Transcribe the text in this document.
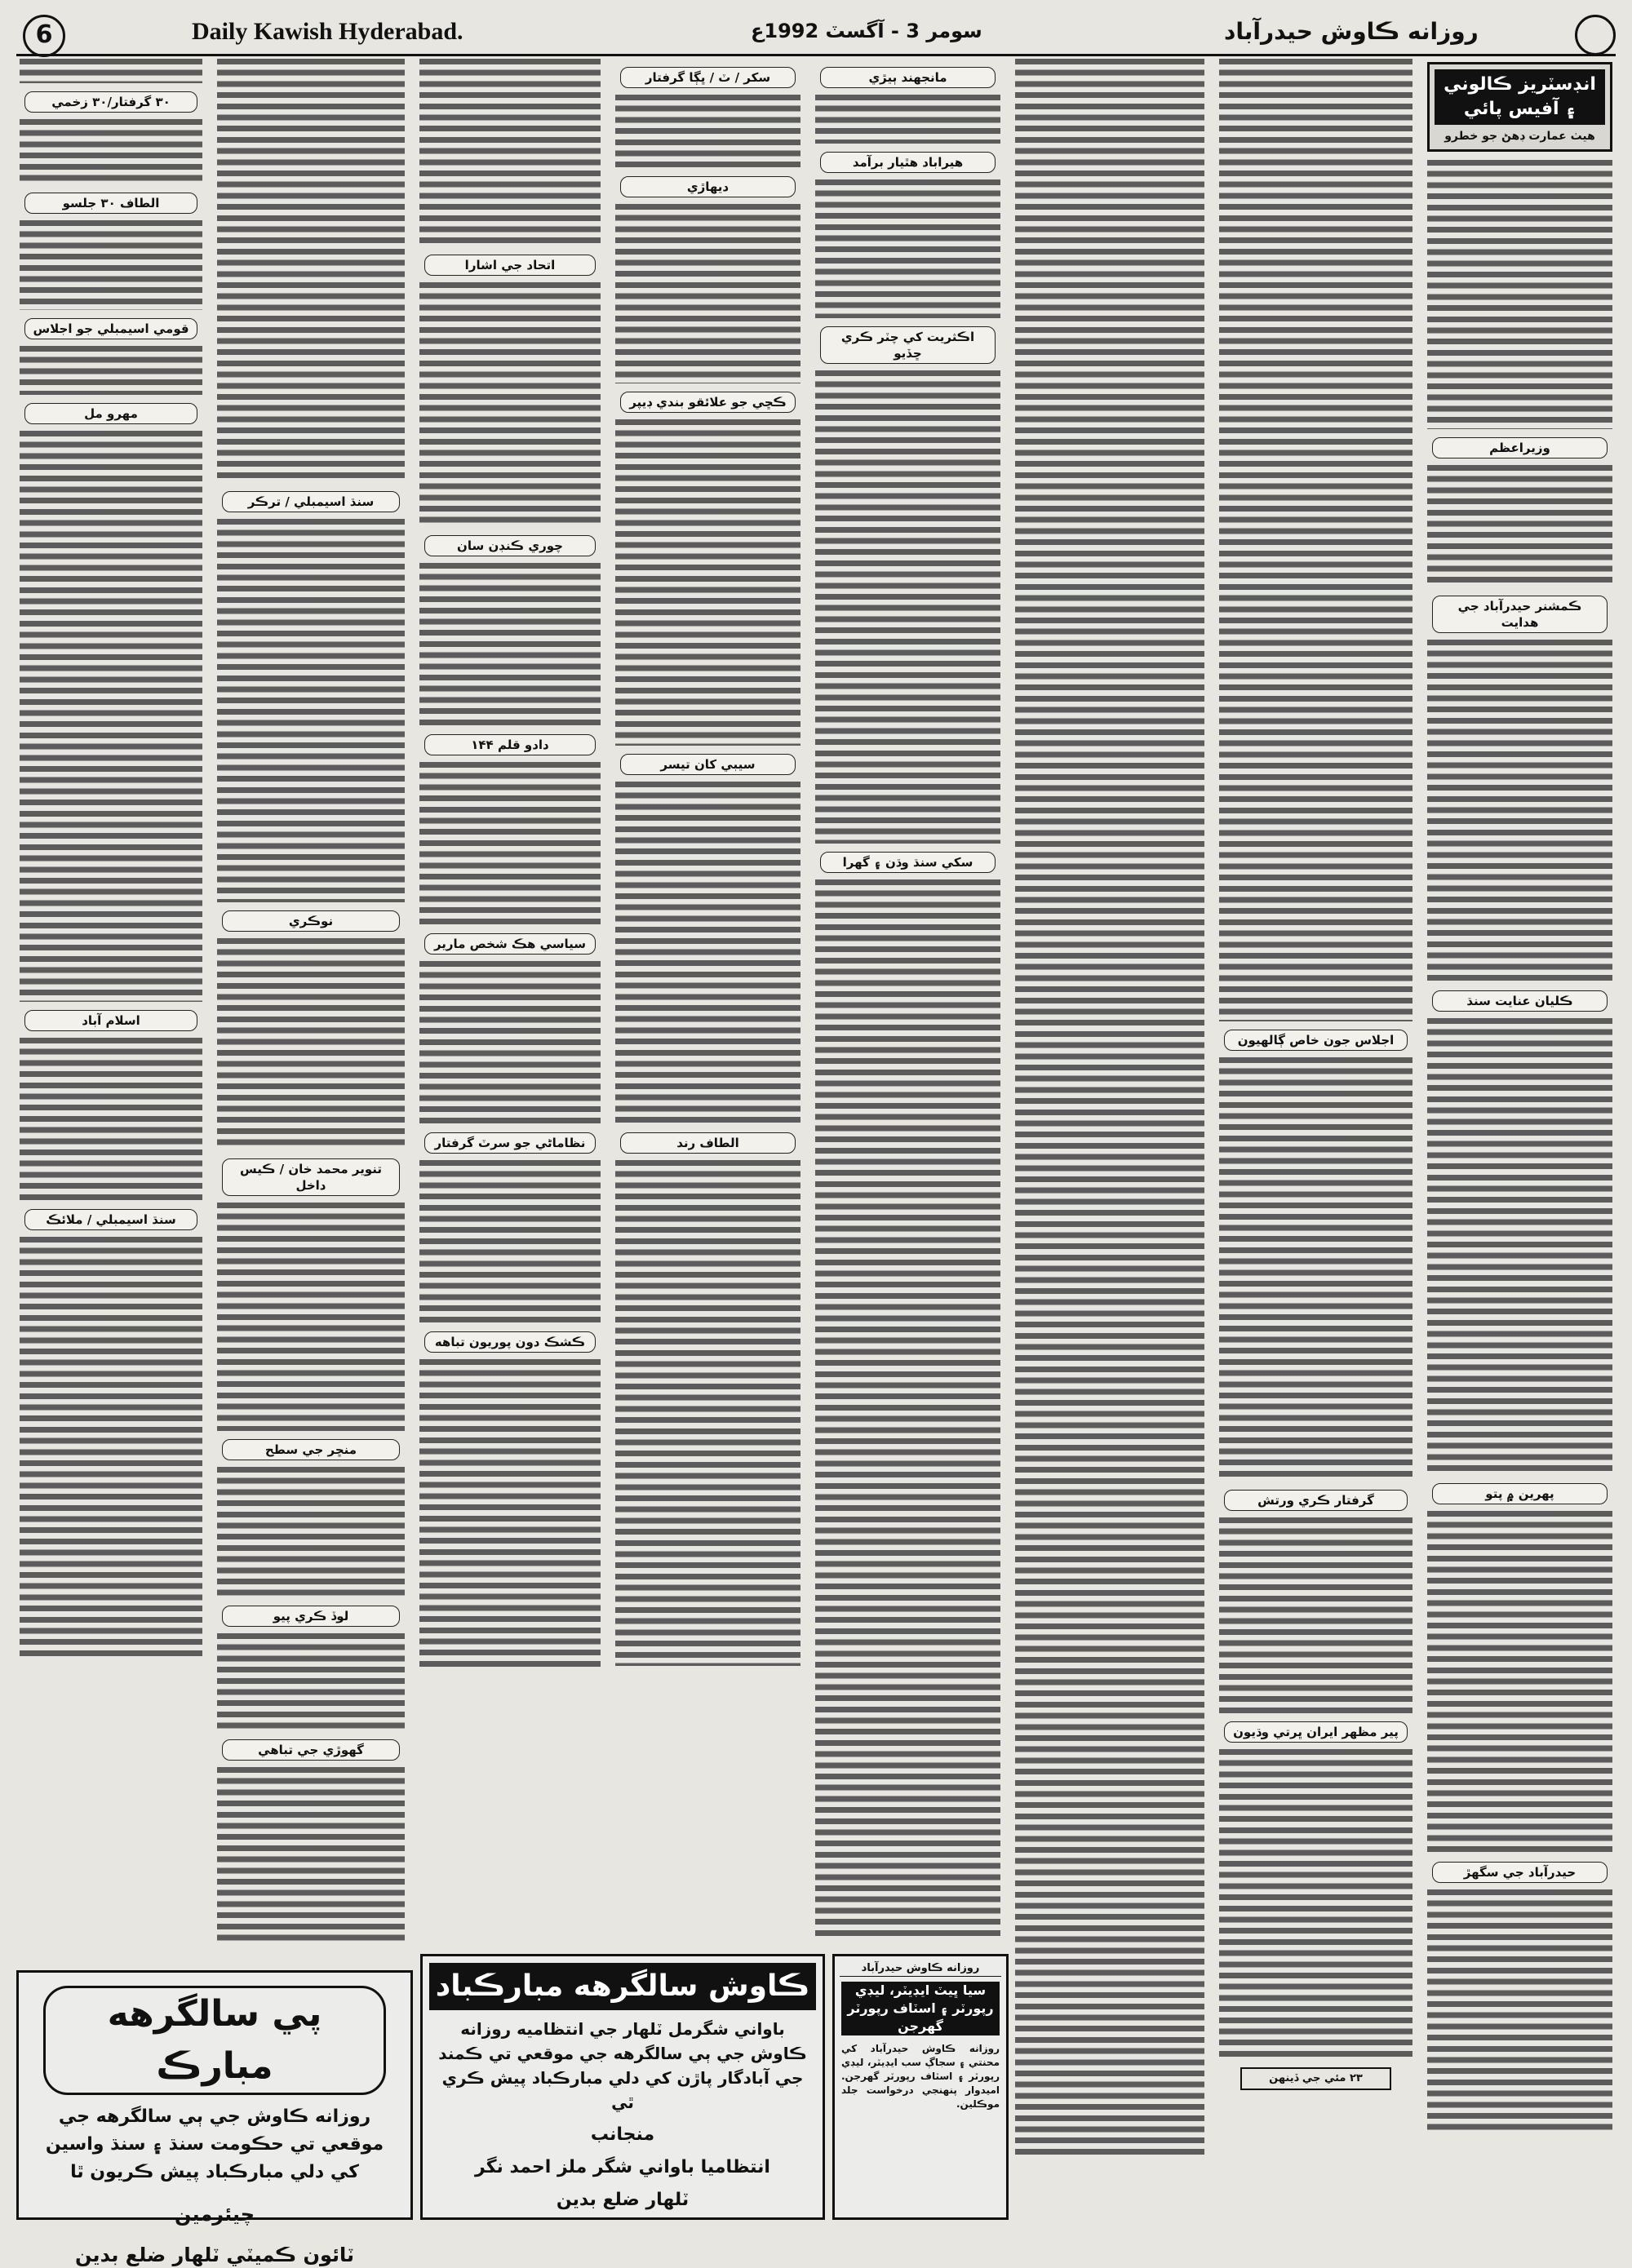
6	Daily Kawish Hyderabad.	سومر 3 - آگسٽ 1992ع	روزانه ڪاوش حيدرآباد
انڊسٽريز ڪالوني ۽ آفيس پائي
هيٺ عمارت ڊهڻ جو خطرو
وزيراعظم
ڪمشنر حيدرآباد جي هدايت
ڪليان عنايت سنڌ
پهرين ۾ پتو
حيدرآباد جي سگهڙ
اجلاس جون خاص ڳالهيون
گرفتار ڪري ورتش
پير مظهر ايران ڀرتي وڌيون
۲۳ مئي جي ڏينهن
مانجهند ٻيڙي
هيراباد هٿيار برآمد
اڪثريت کي چٽر ڪري ڇڏيو
سکي سنڌ وڌن ۽ گهرا
سکر / ٽ / ڀڳا گرفتار
ديهاڙي
ڪڇي جو علائقو بندي ڊيپر
سيبي کان تيسر
الطاف رند
اتحاد جي اشارا
چوري ڪنڊن سان
دادو قلم ۱۴۴
سياسي هڪ شخص مارير
نظاماڻي جو سرٽ گرفتار
ڪشڪ دون پوريون تباهه
سنڌ اسيمبلي / ترڪر
نوڪري
تنوير محمد خان / ڪيس داخل
منڇر جي سطح
لوڏ ڪري پيو
گهوڙي جي تباهي
۳۰ گرفتار/۳۰ زخمي
الطاف ۳۰ جلسو
قومي اسيمبلي جو اجلاس
مهرو مل
اسلام آباد
سنڌ اسيمبلي / ملائڪ
پي سالگرهه مبارڪ
روزانه ڪاوش جي ٻي سالگرهه جي موقعي تي حڪومت سنڌ ۽ سنڌ واسين کي دلي مبارڪباد پيش ڪريون ٿا
چيئرمين
ٽائون ڪميٽي ٽلهار ضلع بدين
ڪاوش سالگرهه مبارڪباد
باواني شگرمل ٽلهار جي انتظاميه روزانه ڪاوش جي ٻي سالگرهه جي موقعي تي ڪمند جي آبادگار پاڙن کي دلي مبارڪباد پيش ڪري ٿي
منجانب
انتظاميا باواني شگر ملز احمد نگر
ٽلهار ضلع بدين
روزانه ڪاوش حيدرآباد
سيا ڀيٽ ايڊيٽر، ليڊي رپورٽر ۽ اسٽاف رپورٽر گهرجن
روزانه ڪاوش حيدرآباد کي محنتي ۽ سجاڳ سب ايڊيٽر، ليڊي رپورٽر ۽ اسٽاف رپورٽر گهرجن. اميدوار پنهنجي درخواست جلد موڪلين.
